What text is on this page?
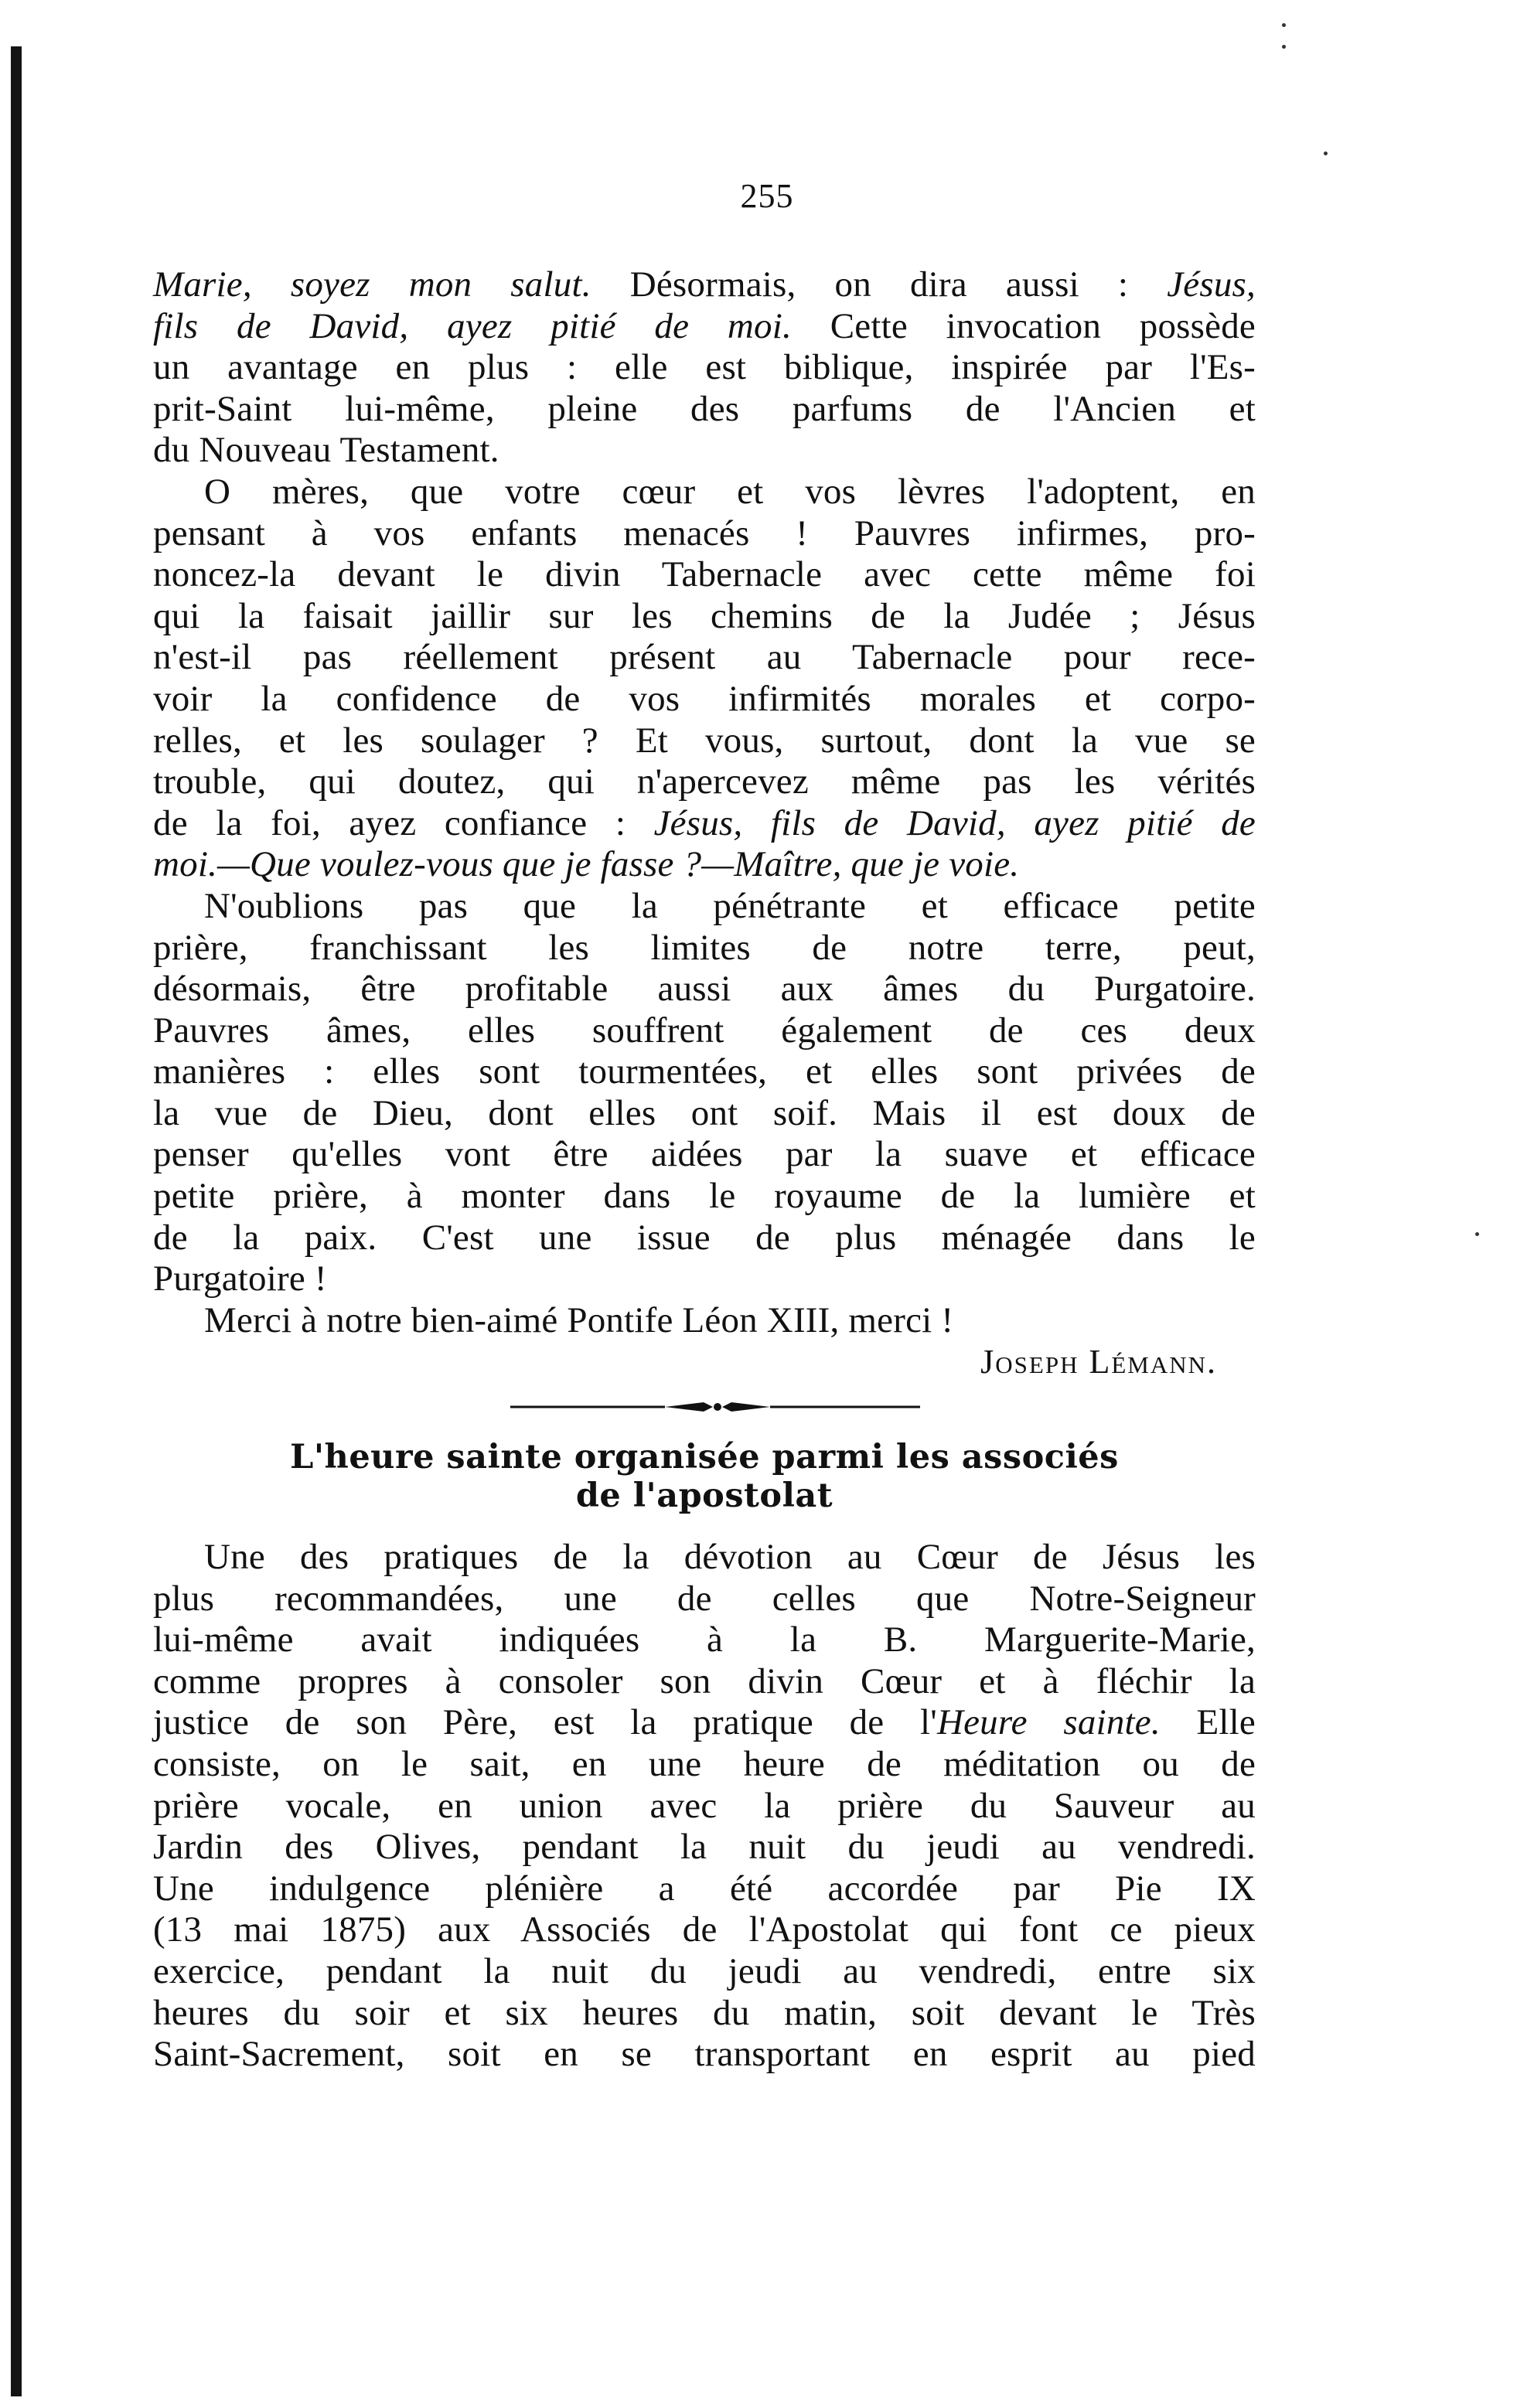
255
Marie, soyez mon salut. Désormais, on dira aussi : Jésus,
fils de David, ayez pitié de moi. Cette invocation possède
un avantage en plus : elle est biblique, inspirée par l'Es-
prit-Saint lui-même, pleine des parfums de l'Ancien et
du Nouveau Testament.
O mères, que votre cœur et vos lèvres l'adoptent, en
pensant à vos enfants menacés ! Pauvres infirmes, pro-
noncez-la devant le divin Tabernacle avec cette même foi
qui la faisait jaillir sur les chemins de la Judée ; Jésus
n'est-il pas réellement présent au Tabernacle pour rece-
voir la confidence de vos infirmités morales et corpo-
relles, et les soulager ? Et vous, surtout, dont la vue se
trouble, qui doutez, qui n'apercevez même pas les vérités
de la foi, ayez confiance : Jésus, fils de David, ayez pitié de
moi.—Que voulez-vous que je fasse ?—Maître, que je voie.
N'oublions pas que la pénétrante et efficace petite
prière, franchissant les limites de notre terre, peut,
désormais, être profitable aussi aux âmes du Purgatoire.
Pauvres âmes, elles souffrent également de ces deux
manières : elles sont tourmentées, et elles sont privées de
la vue de Dieu, dont elles ont soif. Mais il est doux de
penser qu'elles vont être aidées par la suave et efficace
petite prière, à monter dans le royaume de la lumière et
de la paix. C'est une issue de plus ménagée dans le
Purgatoire !
Merci à notre bien-aimé Pontife Léon XIII, merci !
Joseph Lémann.
L'heure sainte organisée parmi les associés
de l'apostolat
Une des pratiques de la dévotion au Cœur de Jésus les
plus recommandées, une de celles que Notre-Seigneur
lui-même avait indiquées à la B. Marguerite-Marie,
comme propres à consoler son divin Cœur et à fléchir la
justice de son Père, est la pratique de l'Heure sainte. Elle
consiste, on le sait, en une heure de méditation ou de
prière vocale, en union avec la prière du Sauveur au
Jardin des Olives, pendant la nuit du jeudi au vendredi.
Une indulgence plénière a été accordée par Pie IX
(13 mai 1875) aux Associés de l'Apostolat qui font ce pieux
exercice, pendant la nuit du jeudi au vendredi, entre six
heures du soir et six heures du matin, soit devant le Très
Saint-Sacrement, soit en se transportant en esprit au pied
